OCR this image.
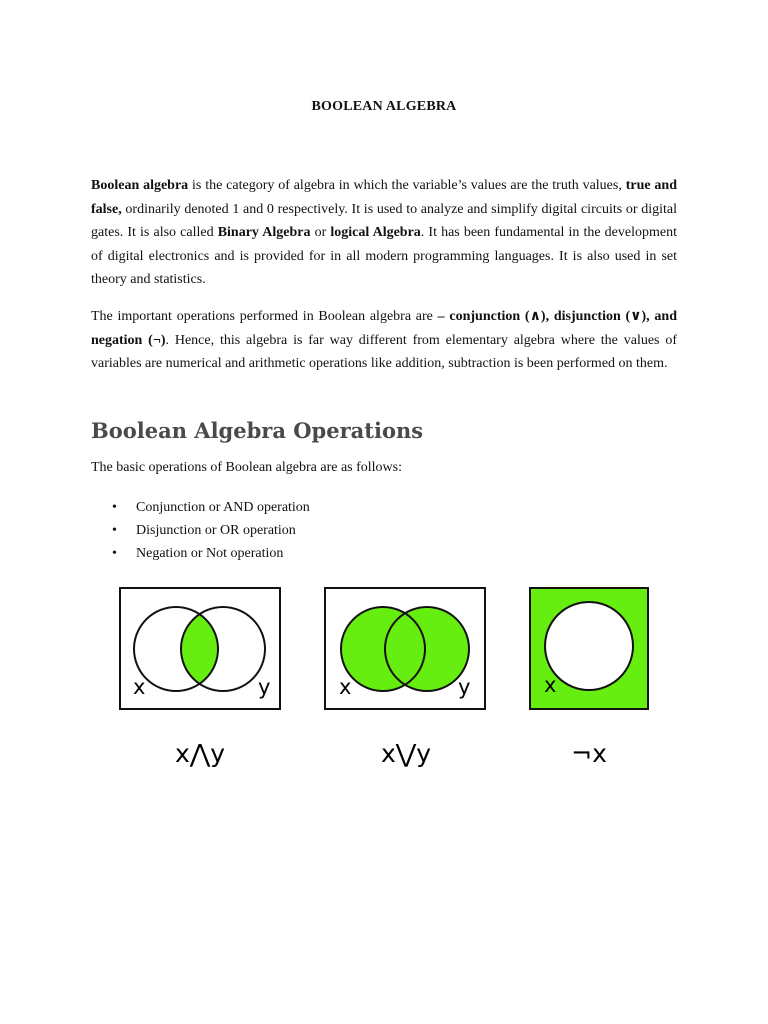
BOOLEAN ALGEBRA

Boolean algebra is the category of algebra in which the variable’s values are the truth values, true and false, ordinarily denoted 1 and 0 respectively. It is used to analyze and simplify digital circuits or digital gates. It is also called Binary Algebra or logical Algebra. It has been fundamental in the development of digital electronics and is provided for in all modern programming languages. It is also used in set theory and statistics.

The important operations performed in Boolean algebra are – conjunction (∧), disjunction (∨), and negation (¬). Hence, this algebra is far way different from elementary algebra where the values of variables are numerical and arithmetic operations like addition, subtraction is been performed on them.

Boolean Algebra Operations

The basic operations of Boolean algebra are as follows:

• Conjunction or AND operation
• Disjunction or OR operation
• Negation or Not operation
x	y
x⋀y
x	y
x⋁y
x
¬x
